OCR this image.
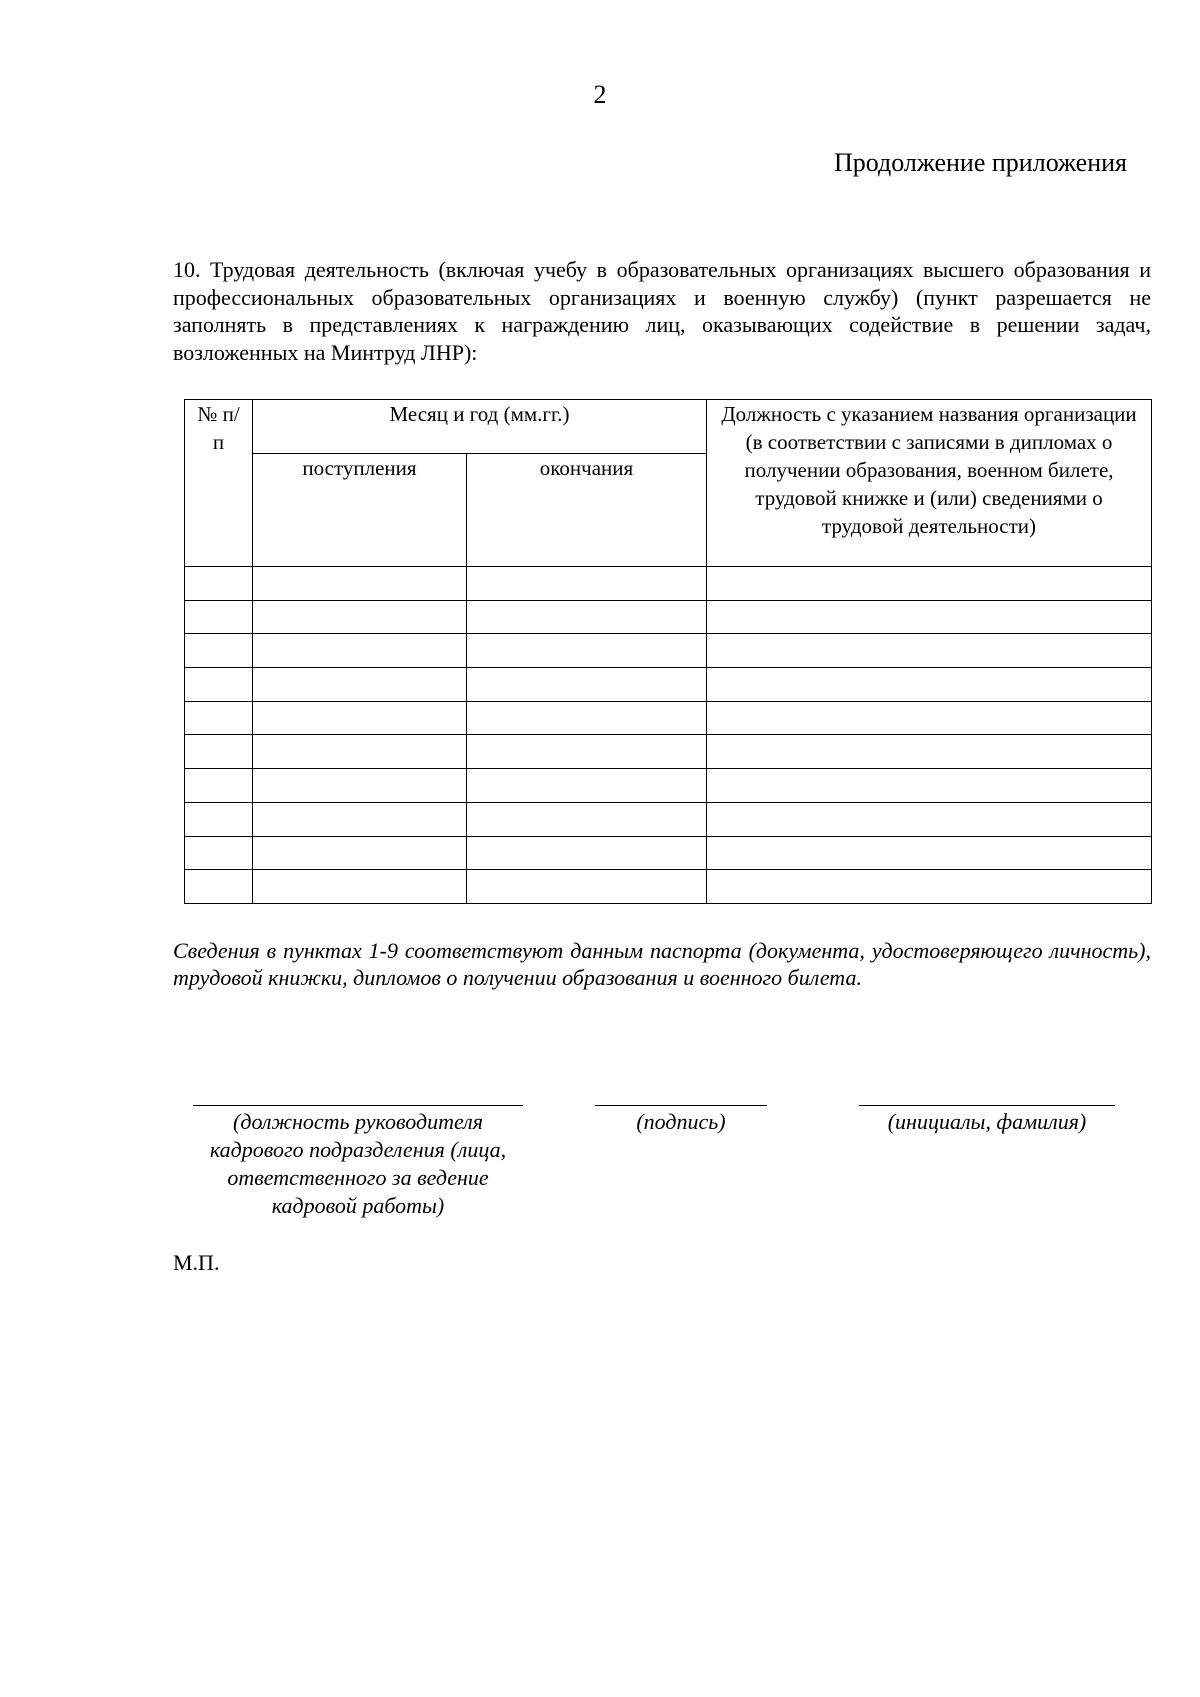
2
Продолжение приложения

10. Трудовая деятельность (включая учебу в образовательных организациях высшего образования и профессиональных образовательных организациях и военную службу) (пункт разрешается не заполнять в представлениях к награждению лиц, оказывающих содействие в решении задач, возложенных на Минтруд ЛНР):

№ п/п	Месяц и год (мм.гг.)		Должность с указанием названия организации (в соответствии с записями в дипломах о получении образования, военном билете, трудовой книжке и (или) сведениями о трудовой деятельности)
	поступления	окончания	

Сведения в пунктах 1-9 соответствуют данным паспорта (документа, удостоверяющего личность), трудовой книжки, дипломов о получении образования и военного билета.

(должность руководителя кадрового подразделения (лица, ответственного за ведение кадровой работы)
(подпись)	(инициалы, фамилия)
М.П.
